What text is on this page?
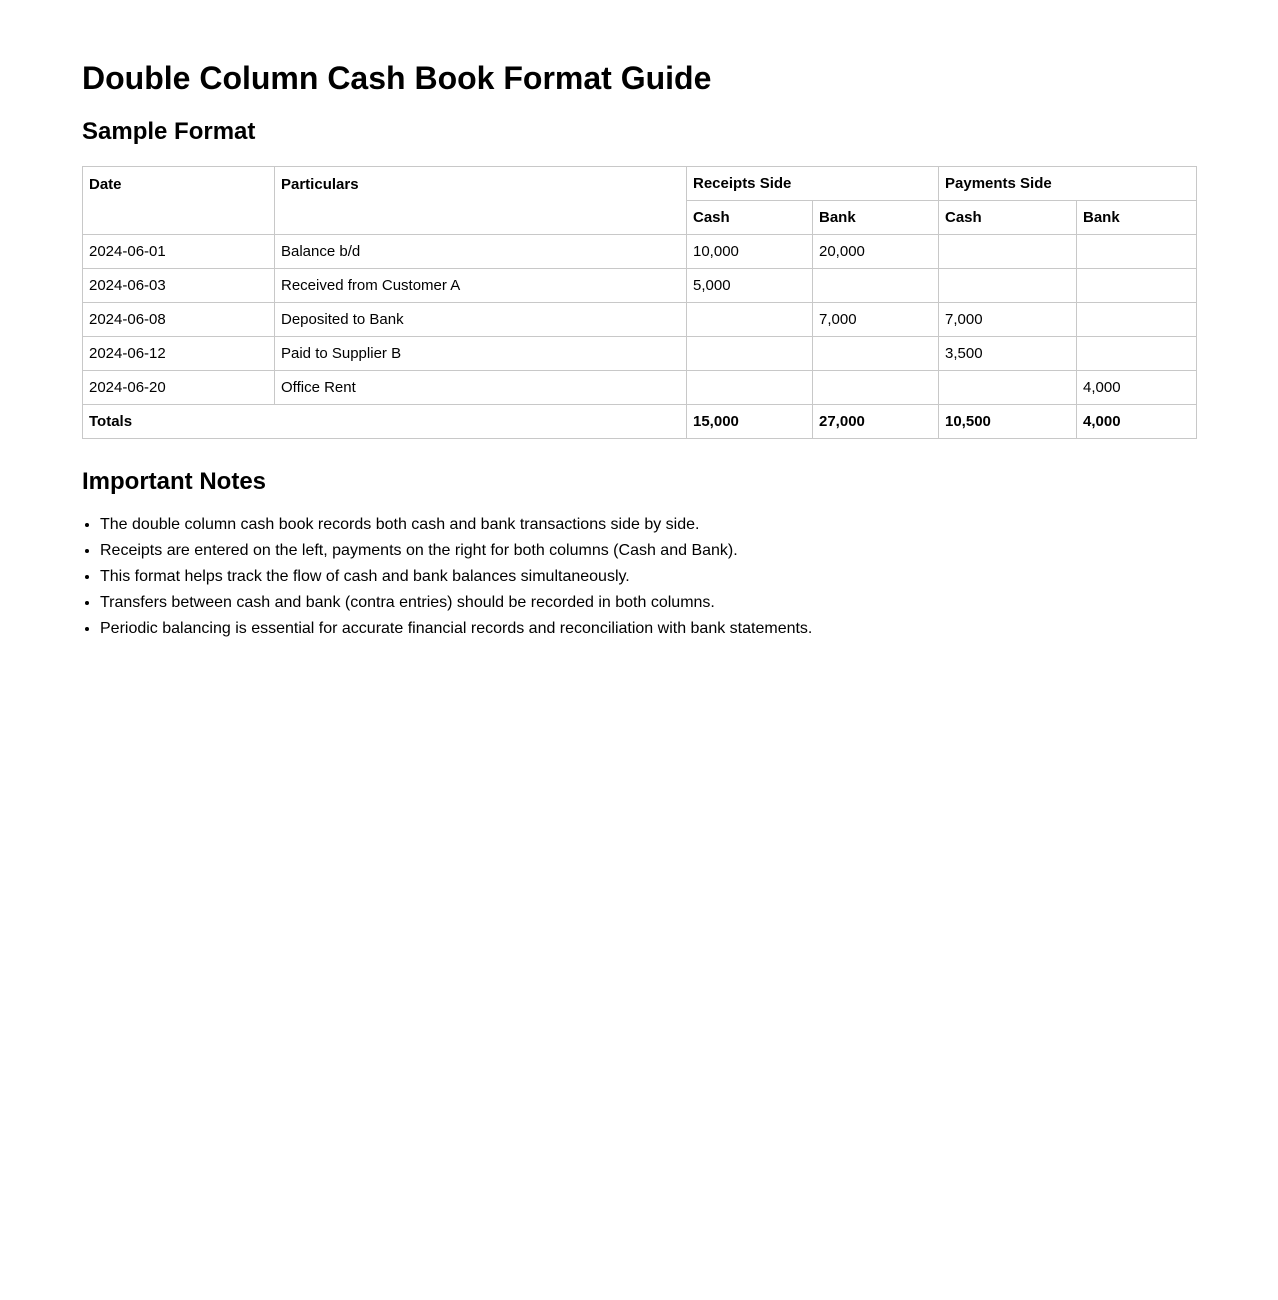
Double Column Cash Book Format Guide
Sample Format
Date	Particulars	Receipts Side		Payments Side	
		Cash	Bank	Cash	Bank
2024-06-01	Balance b/d	10,000	20,000		
2024-06-03	Received from Customer A	5,000			
2024-06-08	Deposited to Bank		7,000	7,000	
2024-06-12	Paid to Supplier B			3,500	
2024-06-20	Office Rent				4,000
Totals		15,000	27,000	10,500	4,000
Important Notes
• The double column cash book records both cash and bank transactions side by side.
• Receipts are entered on the left, payments on the right for both columns (Cash and Bank).
• This format helps track the flow of cash and bank balances simultaneously.
• Transfers between cash and bank (contra entries) should be recorded in both columns.
• Periodic balancing is essential for accurate financial records and reconciliation with bank statements.
